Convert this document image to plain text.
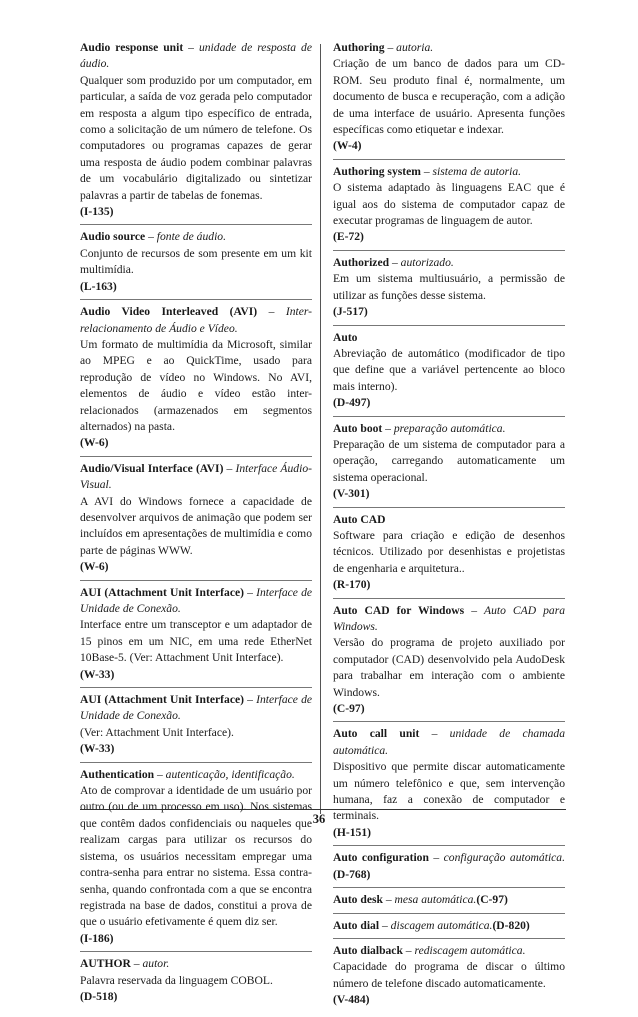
Audio response unit – unidade de resposta de áudio.

Qualquer som produzido por um computador, em particular, a saída de voz gerada pelo computador em resposta a algum tipo específico de entrada, como a solicitação de um número de telefone. Os computadores ou programas capazes de gerar uma resposta de áudio podem combinar palavras de um vocabulário digitalizado ou sintetizar palavras a partir de tabelas de fonemas.
(I-135)
Audio source – fonte de áudio.

Conjunto de recursos de som presente em um kit multimídia.
(L-163)
Audio Video Interleaved (AVI) – Inter-relacionamento de Áudio e Vídeo.

Um formato de multimídia da Microsoft, similar ao MPEG e ao QuickTime, usado para reprodução de vídeo no Windows. No AVI, elementos de áudio e vídeo estão inter-relacionados (armazenados em segmentos alternados) na pasta.
(W-6)
Audio/Visual Interface (AVI) – Interface Áudio-Visual.

A AVI do Windows fornece a capacidade de desenvolver arquivos de animação que podem ser incluídos em apresentações de multimídia e como parte de páginas WWW.
(W-6)
AUI (Attachment Unit Interface) – Interface de Unidade de Conexão.

Interface entre um transceptor e um adaptador de 15 pinos em um NIC, em uma rede EtherNet 10Base-5. (Ver: Attachment Unit Interface).
(W-33)
AUI (Attachment Unit Interface) – Interface de Unidade de Conexão.

(Ver: Attachment Unit Interface).
(W-33)
Authentication – autenticação, identificação.

Ato de comprovar a identidade de um usuário por outro (ou de um processo em uso). Nos sistemas que contêm dados confidenciais ou naqueles que realizam cargas para utilizar os recursos do sistema, os usuários necessitam empregar uma contra-senha para entrar no sistema. Essa contra-senha, quando confrontada com a que se encontra registrada na base de dados, constitui a prova de que o usuário efetivamente é quem diz ser.
(I-186)
AUTHOR – autor.

Palavra reservada da linguagem COBOL.
(D-518)
Authoring – autoria.

Criação de um banco de dados para um CD-ROM. Seu produto final é, normalmente, um documento de busca e recuperação, com a adição de uma interface de usuário. Apresenta funções específicas como etiquetar e indexar.
(W-4)
Authoring system – sistema de autoria.

O sistema adaptado às linguagens EAC que é igual aos do sistema de computador capaz de executar programas de linguagem de autor.
(E-72)
Authorized – autorizado.

Em um sistema multiusuário, a permissão de utilizar as funções desse sistema.
(J-517)
Auto

Abreviação de automático (modificador de tipo que define que a variável pertencente ao bloco mais interno).
(D-497)
Auto boot – preparação automática.

Preparação de um sistema de computador para a operação, carregando automaticamente um sistema operacional.
(V-301)
Auto CAD

Software para criação e edição de desenhos técnicos. Utilizado por desenhistas e projetistas de engenharia e arquitetura..
(R-170)
Auto CAD for Windows – Auto CAD para Windows.

Versão do programa de projeto auxiliado por computador (CAD) desenvolvido pela AudoDesk para trabalhar em interação com o ambiente Windows.
(C-97)
Auto call unit – unidade de chamada automática.

Dispositivo que permite discar automaticamente um número telefônico e que, sem intervenção humana, faz a conexão de computador e terminais.
(H-151)
Auto configuration – configuração automática.(D-768)
Auto desk – mesa automática.(C-97)
Auto dial – discagem automática.(D-820)
Auto dialback – rediscagem automática.

Capacidade do programa de discar o último número de telefone discado automaticamente.
(V-484)
36
